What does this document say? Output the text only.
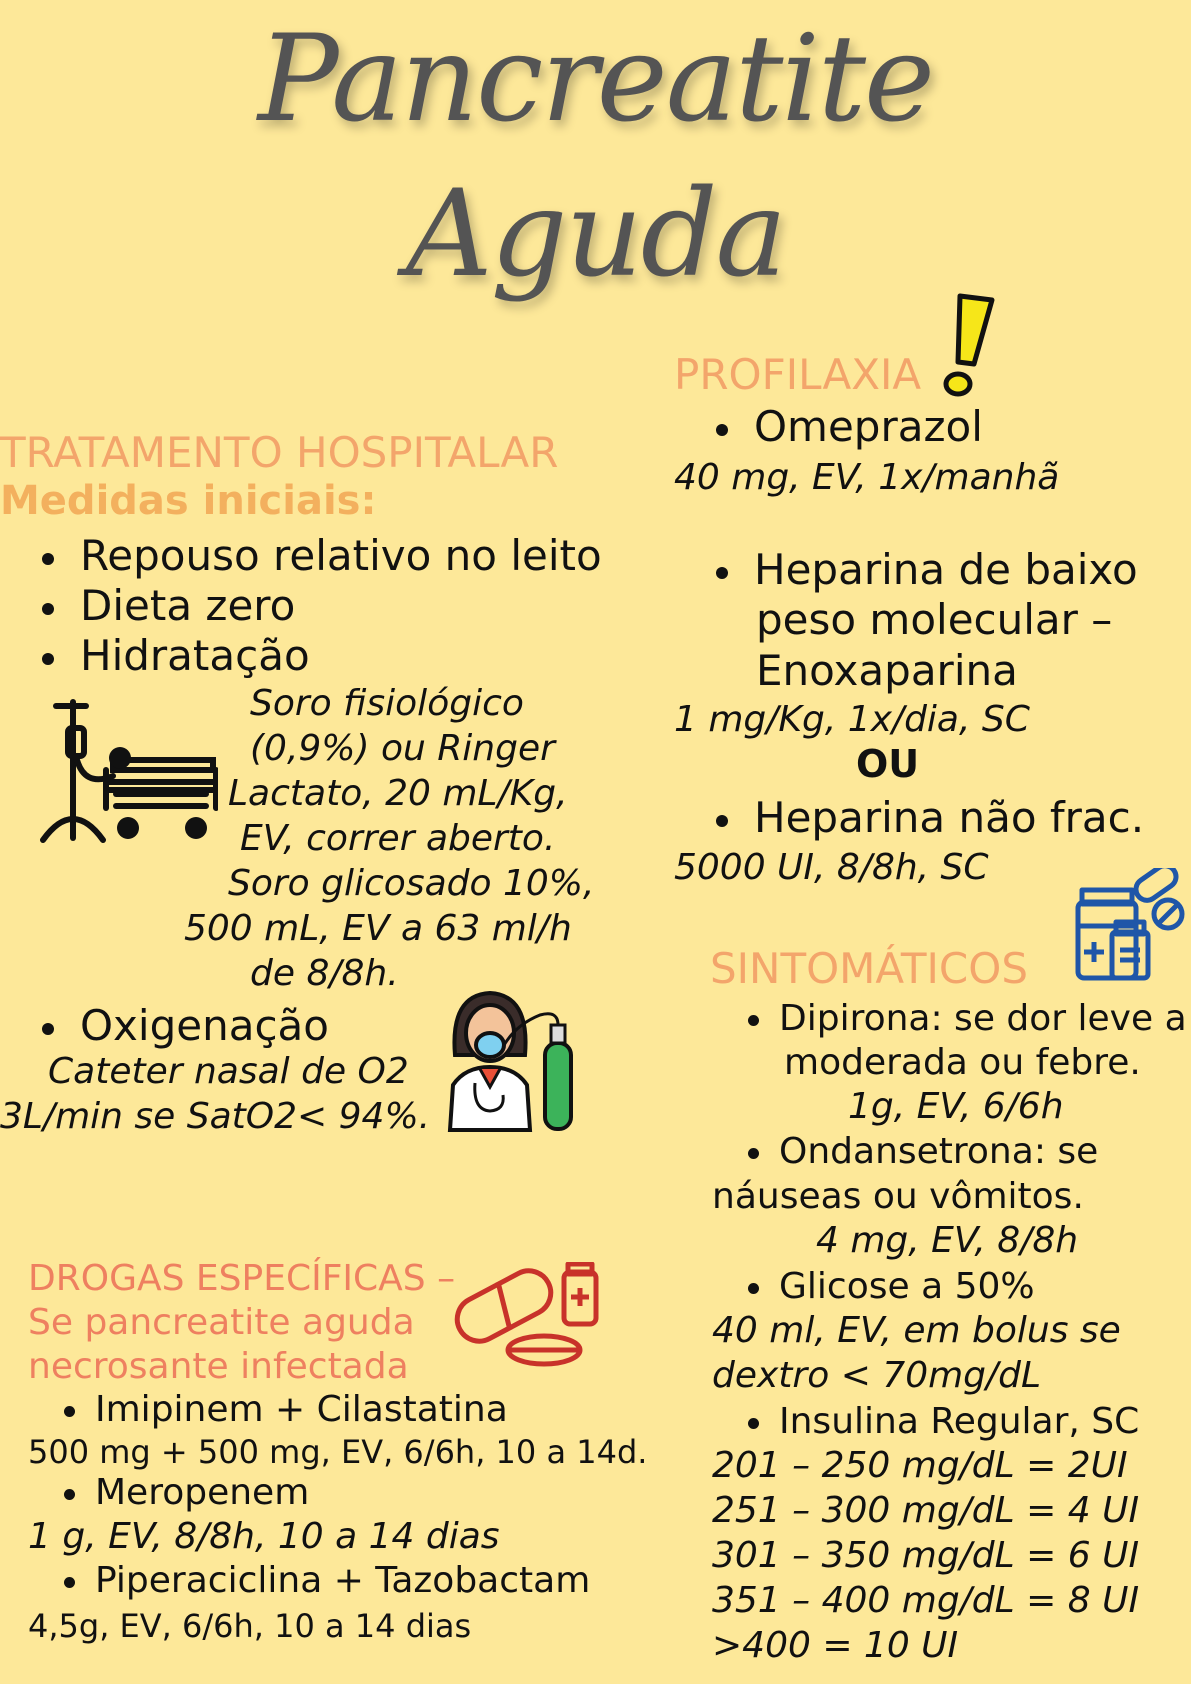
Pancreatite
Aguda
TRATAMENTO HOSPITALAR
Medidas iniciais:
Repouso relativo no leito
Dieta zero
Hidratação
Soro fisiológico
(0,9%) ou Ringer
Lactato, 20 mL/Kg,
EV, correr aberto.
Soro glicosado 10%,
500 mL, EV a 63 ml/h
de 8/8h.
Oxigenação
Cateter nasal de O2
3L/min se SatO2< 94%.
DROGAS ESPECÍFICAS –
Se pancreatite aguda
necrosante infectada
Imipinem + Cilastatina
500 mg + 500 mg, EV, 6/6h, 10 a 14d.
Meropenem
1 g, EV, 8/8h, 10 a 14 dias
Piperaciclina + Tazobactam
4,5g, EV, 6/6h, 10 a 14 dias
PROFILAXIA
Omeprazol
40 mg, EV, 1x/manhã
Heparina de baixo
peso molecular –
Enoxaparina
1 mg/Kg, 1x/dia, SC
OU
Heparina não frac.
5000 UI, 8/8h, SC
SINTOMÁTICOS
Dipirona: se dor leve a
moderada ou febre.
1g, EV, 6/6h
Ondansetrona: se
náuseas ou vômitos.
4 mg, EV, 8/8h
Glicose a 50%
40 ml, EV, em bolus se
dextro < 70mg/dL
Insulina Regular, SC
201 – 250 mg/dL = 2UI
251 – 300 mg/dL = 4 UI
301 – 350 mg/dL = 6 UI
351 – 400 mg/dL = 8 UI
>400 = 10 UI
